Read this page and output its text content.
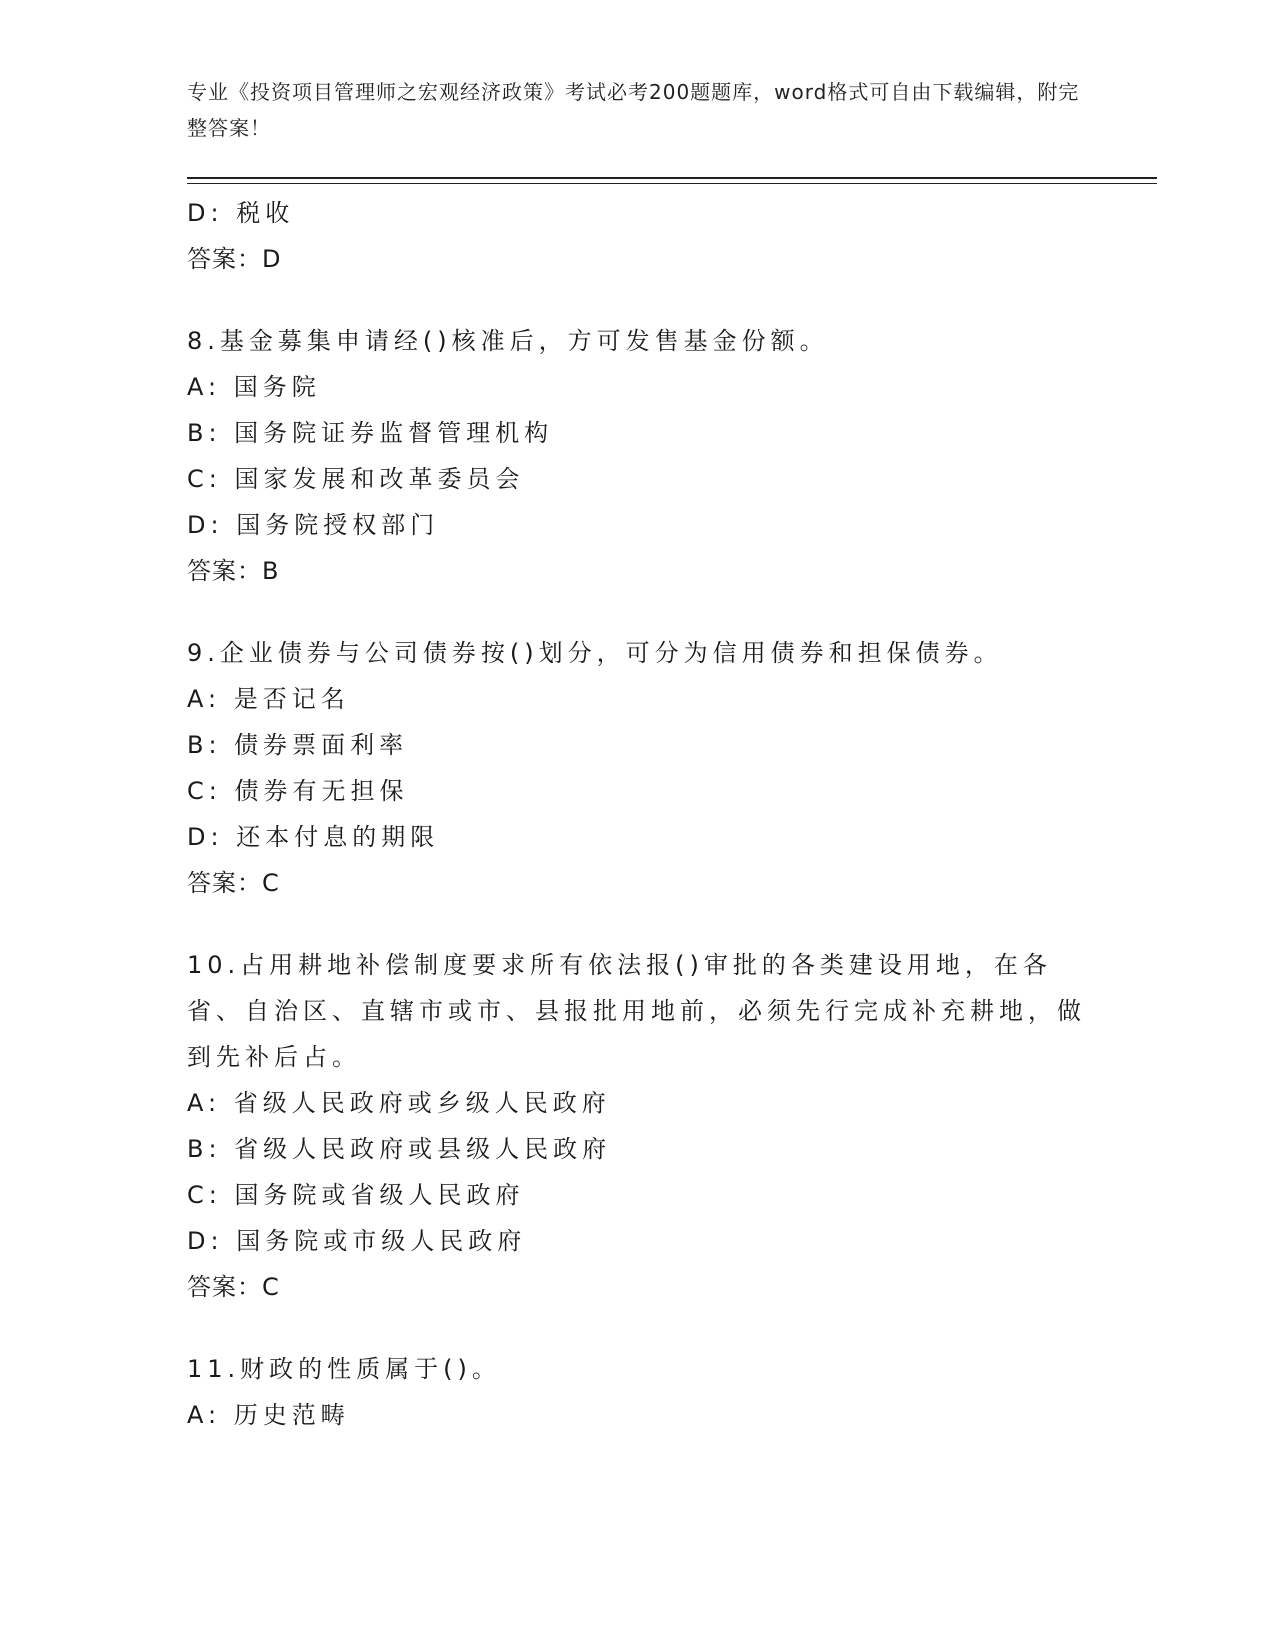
专业《投资项目管理师之宏观经济政策》考试必考200题题库，word格式可自由下载编辑，附完整答案！
D: 税收
答案：D
8.基金募集申请经()核准后，方可发售基金份额。
A: 国务院
B: 国务院证券监督管理机构
C: 国家发展和改革委员会
D: 国务院授权部门
答案：B
9.企业债券与公司债券按()划分，可分为信用债券和担保债券。
A: 是否记名
B: 债券票面利率
C: 债券有无担保
D: 还本付息的期限
答案：C
10.占用耕地补偿制度要求所有依法报()审批的各类建设用地，在各省、自治区、直辖市或市、县报批用地前，必须先行完成补充耕地，做到先补后占。
A: 省级人民政府或乡级人民政府
B: 省级人民政府或县级人民政府
C: 国务院或省级人民政府
D: 国务院或市级人民政府
答案：C
11.财政的性质属于()。
A: 历史范畴
